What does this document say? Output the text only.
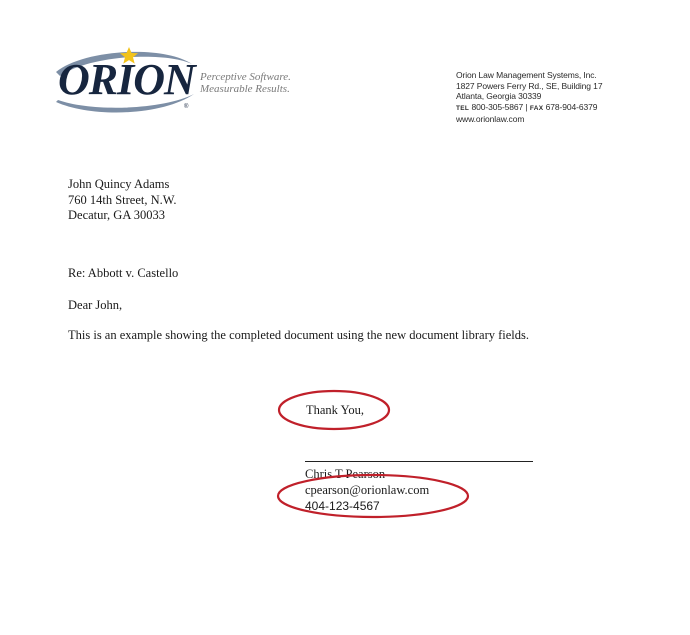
ORION
®
Perceptive Software.
Measurable Results.
Orion Law Management Systems, Inc.
1827 Powers Ferry Rd., SE, Building 17
Atlanta, Georgia 30339
TEL 800-305-5867 | FAX 678-904-6379
www.orionlaw.com
John Quincy Adams
760 14th Street, N.W.
Decatur, GA 30033
Re: Abbott v. Castello
Dear John,
This is an example showing the completed document using the new document library fields.
Thank You,
Chris T Pearson
cpearson@orionlaw.com
404-123-4567
